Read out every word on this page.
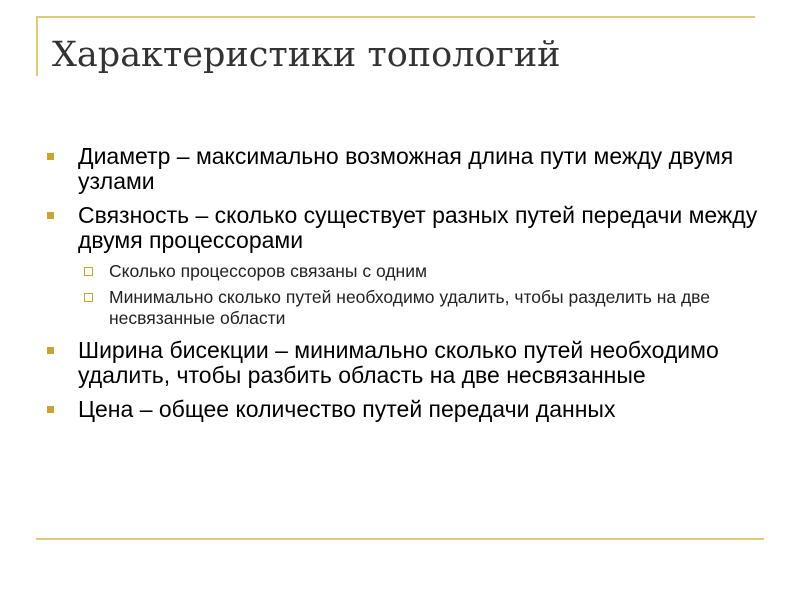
Характеристики топологий
Диаметр – максимально возможная длина пути между двумя узлами
Связность – сколько существует разных путей передачи между двумя процессорами
Сколько процессоров связаны с одним
Минимально сколько путей необходимо удалить, чтобы разделить на две несвязанные области
Ширина бисекции – минимально сколько путей необходимо удалить, чтобы разбить область на две несвязанные
Цена – общее количество путей передачи данных
